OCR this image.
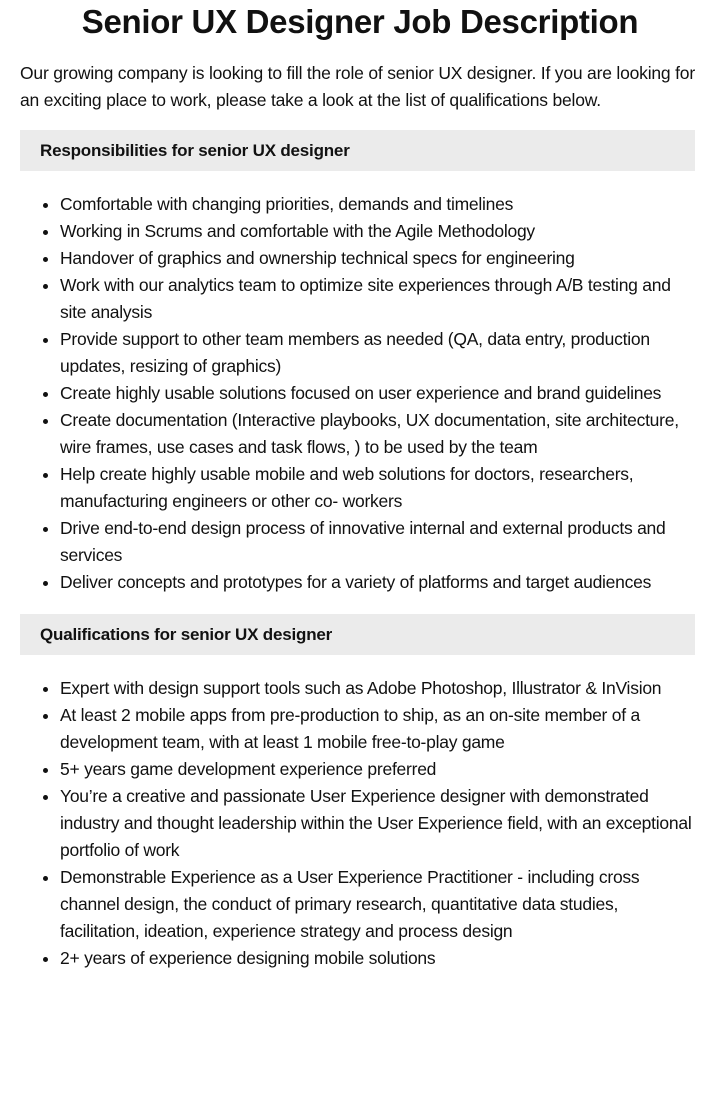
Senior UX Designer Job Description

Our growing company is looking to fill the role of senior UX designer. If you are looking for an exciting place to work, please take a look at the list of qualifications below.

Responsibilities for senior UX designer
• Comfortable with changing priorities, demands and timelines
• Working in Scrums and comfortable with the Agile Methodology
• Handover of graphics and ownership technical specs for engineering
• Work with our analytics team to optimize site experiences through A/B testing and site analysis
• Provide support to other team members as needed (QA, data entry, production updates, resizing of graphics)
• Create highly usable solutions focused on user experience and brand guidelines
• Create documentation (Interactive playbooks, UX documentation, site architecture, wire frames, use cases and task flows, ) to be used by the team
• Help create highly usable mobile and web solutions for doctors, researchers, manufacturing engineers or other co- workers
• Drive end-to-end design process of innovative internal and external products and services
• Deliver concepts and prototypes for a variety of platforms and target audiences
Qualifications for senior UX designer
• Expert with design support tools such as Adobe Photoshop, Illustrator & InVision
• At least 2 mobile apps from pre-production to ship, as an on-site member of a development team, with at least 1 mobile free-to-play game
• 5+ years game development experience preferred
• You’re a creative and passionate User Experience designer with demonstrated industry and thought leadership within the User Experience field, with an exceptional portfolio of work
• Demonstrable Experience as a User Experience Practitioner - including cross channel design, the conduct of primary research, quantitative data studies, facilitation, ideation, experience strategy and process design
• 2+ years of experience designing mobile solutions
